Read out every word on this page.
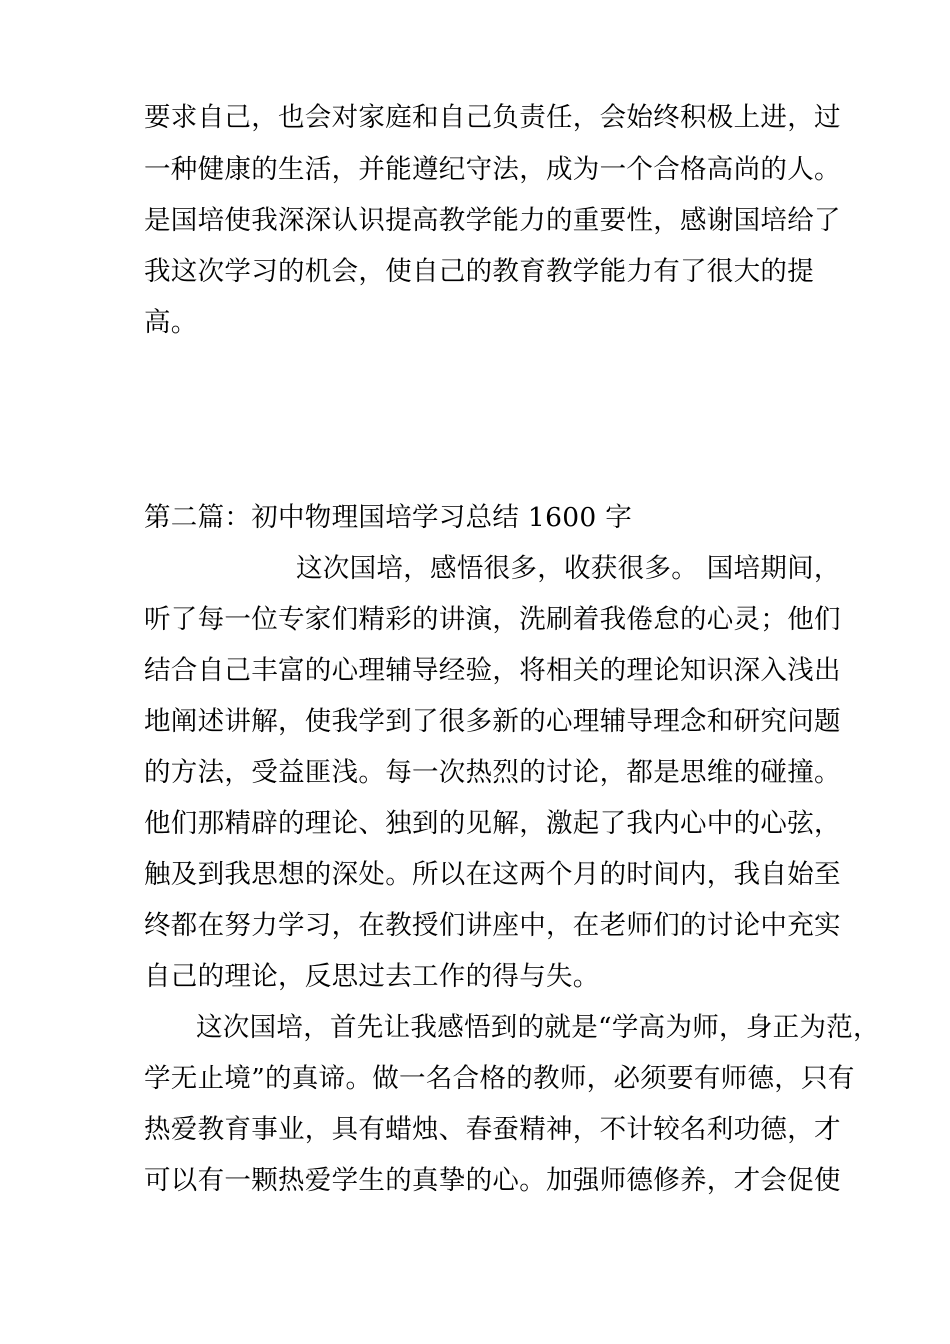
要求自己，也会对家庭和自己负责任，会始终积极上进，过
一种健康的生活，并能遵纪守法，成为一个合格高尚的人。
是国培使我深深认识提高教学能力的重要性，感谢国培给了
我这次学习的机会，使自己的教育教学能力有了很大的提
高。
第二篇：初中物理国培学习总结 1600 字
这次国培，感悟很多，收获很多。 国培期间，
听了每一位专家们精彩的讲演，洗刷着我倦怠的心灵；他们
结合自己丰富的心理辅导经验，将相关的理论知识深入浅出
地阐述讲解，使我学到了很多新的心理辅导理念和研究问题
的方法，受益匪浅。每一次热烈的讨论，都是思维的碰撞。
他们那精辟的理论、独到的见解，激起了我内心中的心弦，
触及到我思想的深处。所以在这两个月的时间内，我自始至
终都在努力学习，在教授们讲座中，在老师们的讨论中充实
自己的理论，反思过去工作的得与失。
这次国培，首先让我感悟到的就是“学高为师，身正为范，
学无止境”的真谛。做一名合格的教师，必须要有师德，只有
热爱教育事业，具有蜡烛、春蚕精神，不计较名利功德，才
可以有一颗热爱学生的真挚的心。加强师德修养，才会促使
